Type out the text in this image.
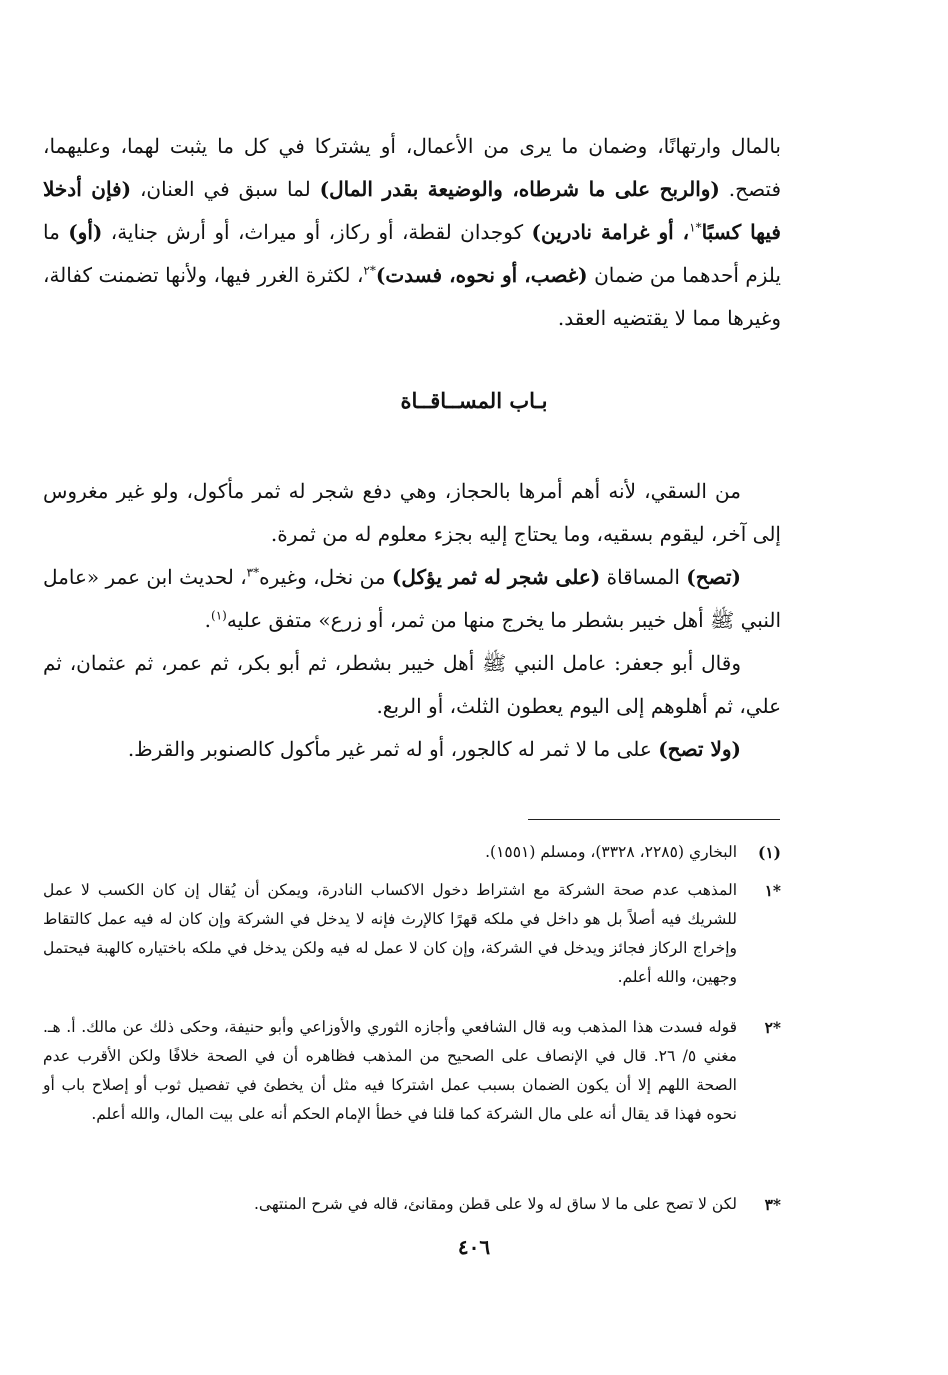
بالمال وارتهانًا، وضمان ما يرى من الأعمال، أو يشتركا في كل ما يثبت لهما، وعليهما، فتصح. (والربح على ما شرطاه، والوضيعة بقدر المال) لما سبق في العنان، (فإن أدخلا فيها كسبًا$^{*١}$، أو غرامة نادرين) كوجدان لقطة، أو ركاز، أو ميراث، أو أرش جناية، (أو) ما يلزم أحدهما من ضمان (غصب، أو نحوه، فسدت)$^{*٢}$، لكثرة الغرر فيها، ولأنها تضمنت كفالة، وغيرها مما لا يقتضيه العقد.
بـاب المســاقــاة
من السقي، لأنه أهم أمرها بالحجاز، وهي دفع شجر له ثمر مأكول، ولو غير مغروس إلى آخر، ليقوم بسقيه، وما يحتاج إليه بجزء معلوم له من ثمرة.
(تصح) المساقاة (على شجر له ثمر يؤكل) من نخل، وغيره$^{*٣}$، لحديث ابن عمر «عامل النبي ﷺ أهل خيبر بشطر ما يخرج منها من ثمر، أو زرع» متفق عليه$^{(١)}$.
وقال أبو جعفر: عامل النبي ﷺ أهل خيبر بشطر، ثم أبو بكر، ثم عمر، ثم عثمان، ثم علي، ثم أهلوهم إلى اليوم يعطون الثلث، أو الربع.
(ولا تصح) على ما لا ثمر له كالجور، أو له ثمر غير مأكول كالصنوبر والقرظ.
(١)
البخاري (٢٢٨٥، ٣٣٢٨)، ومسلم (١٥٥١).
*١
المذهب عدم صحة الشركة مع اشتراط دخول الاكساب النادرة، ويمكن أن يُقال إن كان الكسب لا عمل للشريك فيه أصلاً بل هو داخل في ملكه قهرًا كالإرث فإنه لا يدخل في الشركة وإن كان له فيه عمل كالتقاط وإخراج الركاز فجائز ويدخل في الشركة، وإن كان لا عمل له فيه ولكن يدخل في ملكه باختياره كالهبة فيحتمل وجهين، والله أعلم.
*٢
قوله فسدت هذا المذهب وبه قال الشافعي وأجازه الثوري والأوزاعي وأبو حنيفة، وحكى ذلك عن مالك. أ. هـ. مغني ٥/ ٢٦. قال في الإنصاف على الصحيح من المذهب فظاهره أن في الصحة خلافًا ولكن الأقرب عدم الصحة اللهم إلا أن يكون الضمان بسبب عمل اشتركا فيه مثل أن يخطئ في تفصيل ثوب أو إصلاح باب أو نحوه فهذا قد يقال أنه على مال الشركة كما قلنا في خطأ الإمام الحكم أنه على بيت المال، والله أعلم.
*٣
لكن لا تصح على ما لا ساق له ولا على قطن ومقانئ، قاله في شرح المنتهى.
٤٠٦
